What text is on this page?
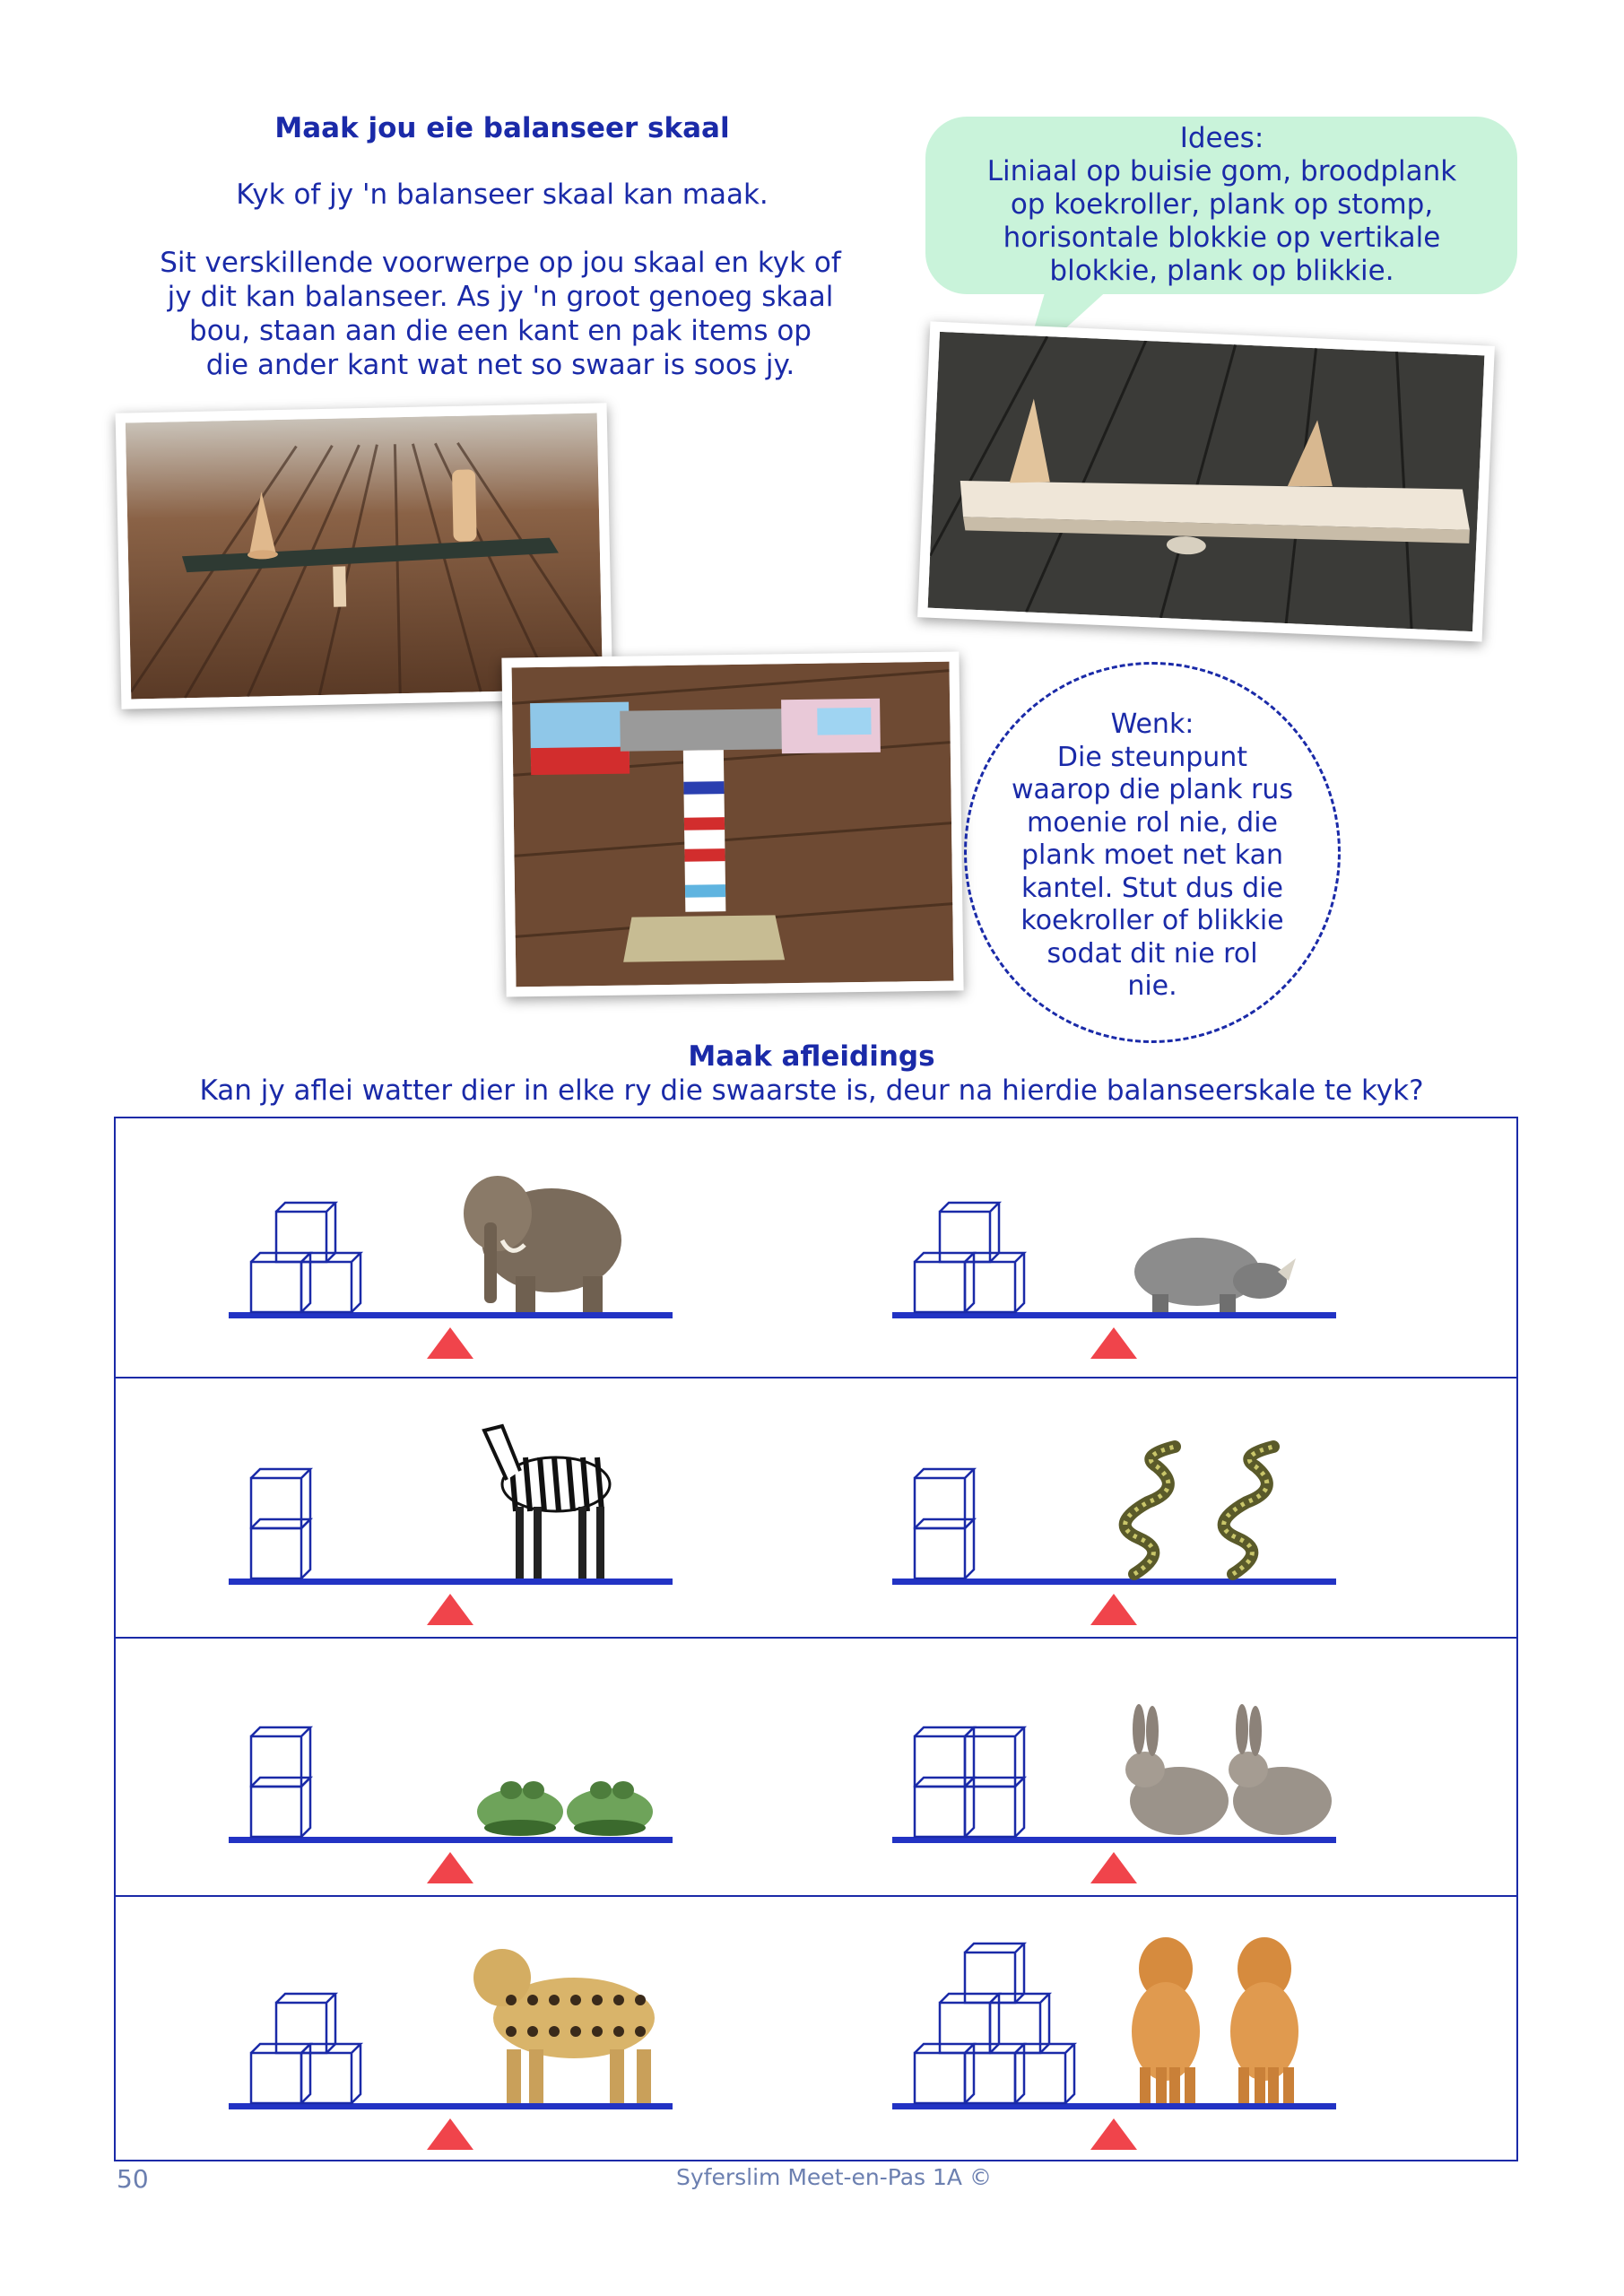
Maak jou eie balanseer skaal
Kyk of jy 'n balanseer skaal kan maak.
Sit verskillende voorwerpe op jou skaal en kyk of
jy dit kan balanseer. As jy 'n groot genoeg skaal
bou, staan aan die een kant en pak items op
die ander kant wat net so swaar is soos jy.
Idees:
Liniaal op buisie gom, broodplank
op koekroller, plank op stomp,
horisontale blokkie op vertikale
blokkie, plank op blikkie.
Wenk:
Die steunpunt
waarop die plank rus
moenie rol nie, die
plank moet net kan
kantel. Stut dus die
koekroller of blikkie
sodat dit nie rol
nie.
Maak afleidings
Kan jy aflei watter dier in elke ry die swaarste is, deur na hierdie balanseerskale te kyk?
50	Syferslim Meet-en-Pas 1A ©
